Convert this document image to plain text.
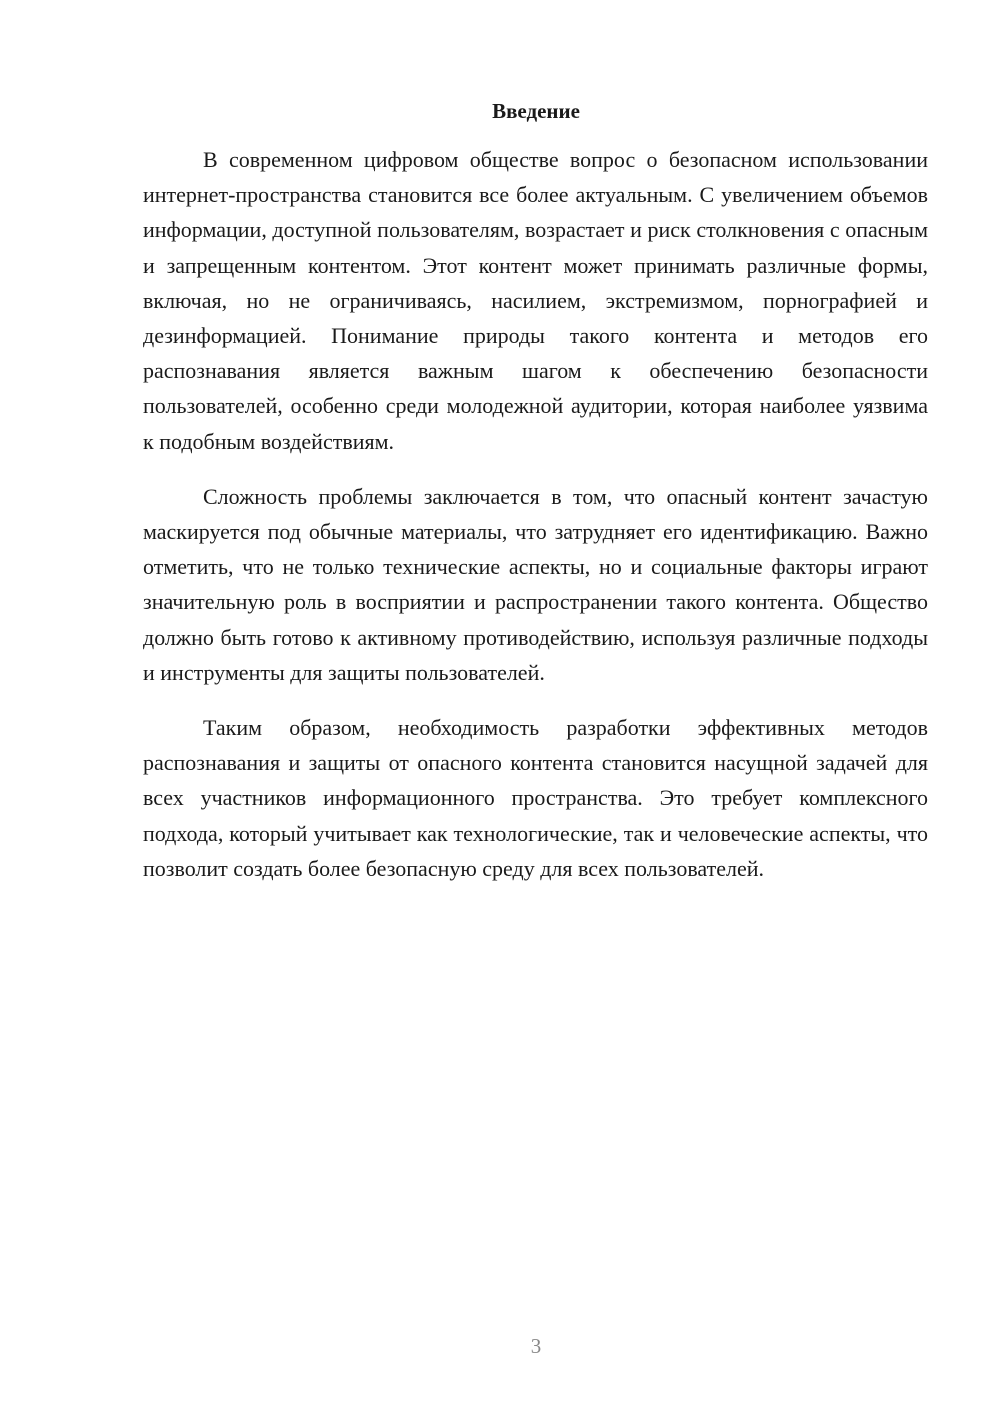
Введение

В современном цифровом обществе вопрос о безопасном использовании интернет-пространства становится все более актуальным. С увеличением объемов информации, доступной пользователям, возрастает и риск столкновения с опасным и запрещенным контентом. Этот контент может принимать различные формы, включая, но не ограничиваясь, насилием, экстремизмом, порнографией и дезинформацией. Понимание природы такого контента и методов его распознавания является важным шагом к обеспечению безопасности пользователей, особенно среди молодежной аудитории, которая наиболее уязвима к подобным воздействиям.

Сложность проблемы заключается в том, что опасный контент зачастую маскируется под обычные материалы, что затрудняет его идентификацию. Важно отметить, что не только технические аспекты, но и социальные факторы играют значительную роль в восприятии и распространении такого контента. Общество должно быть готово к активному противодействию, используя различные подходы и инструменты для защиты пользователей.

Таким образом, необходимость разработки эффективных методов распознавания и защиты от опасного контента становится насущной задачей для всех участников информационного пространства. Это требует комплексного подхода, который учитывает как технологические, так и человеческие аспекты, что позволит создать более безопасную среду для всех пользователей.

3
